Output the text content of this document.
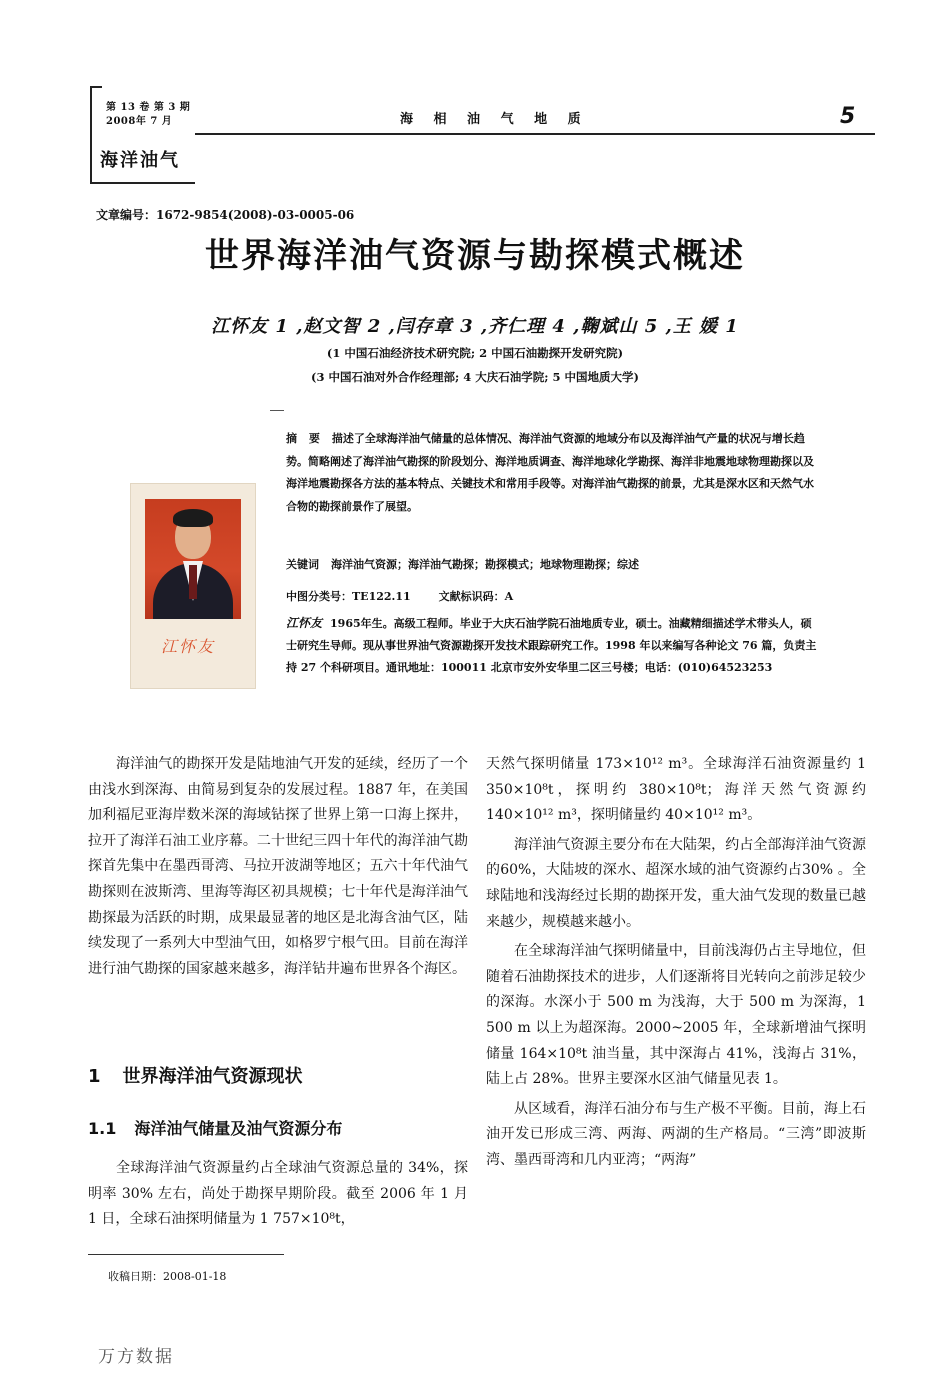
第 13 卷 第 3 期
2008年 7 月
海洋油气
海 相 油 气 地 质	5
文章编号：1672-9854(2008)-03-0005-06
世界海洋油气资源与勘探模式概述
江怀友 1 ,赵文智 2 ,闫存章 3 ,齐仁理 4 ,鞠斌山 5 ,王 媛 1
(1 中国石油经济技术研究院; 2 中国石油勘探开发研究院)
(3 中国石油对外合作经理部; 4 大庆石油学院; 5 中国地质大学)
江怀友
摘 要 描述了全球海洋油气储量的总体情况、海洋油气资源的地域分布以及海洋油气产量的状况与增长趋势。简略阐述了海洋油气勘探的阶段划分、海洋地质调查、海洋地球化学勘探、海洋非地震地球物理勘探以及海洋地震勘探各方法的基本特点、关键技术和常用手段等。对海洋油气勘探的前景，尤其是深水区和天然气水合物的勘探前景作了展望。
关键词 海洋油气资源；海洋油气勘探；勘探模式；地球物理勘探；综述
中图分类号：TE122.11	文献标识码：A
江怀友 1965年生。高级工程师。毕业于大庆石油学院石油地质专业，硕士。油藏精细描述学术带头人，硕士研究生导师。现从事世界油气资源勘探开发技术跟踪研究工作。1998 年以来编写各种论文 76 篇，负责主持 27 个科研项目。通讯地址：100011 北京市安外安华里二区三号楼；电话：(010)64523253

海洋油气的勘探开发是陆地油气开发的延续，经历了一个由浅水到深海、由简易到复杂的发展过程。1887 年，在美国加利福尼亚海岸数米深的海域钻探了世界上第一口海上探井，拉开了海洋石油工业序幕。二十世纪三四十年代的海洋油气勘探首先集中在墨西哥湾、马拉开波湖等地区；五六十年代油气勘探则在波斯湾、里海等海区初具规模；七十年代是海洋油气勘探最为活跃的时期，成果最显著的地区是北海含油气区，陆续发现了一系列大中型油气田，如格罗宁根气田。目前在海洋进行油气勘探的国家越来越多，海洋钻井遍布世界各个海区。

1 世界海洋油气资源现状
1.1 海洋油气储量及油气资源分布

全球海洋油气资源量约占全球油气资源总量的 34%，探明率 30% 左右，尚处于勘探早期阶段。截至 2006 年 1 月 1 日，全球石油探明储量为 1 757×10⁸t，

天然气探明储量 173×10¹² m³。全球海洋石油资源量约 1 350×10⁸t，探明约 380×10⁸t；海洋天然气资源约 140×10¹² m³，探明储量约 40×10¹² m³。

海洋油气资源主要分布在大陆架，约占全部海洋油气资源的60%，大陆坡的深水、超深水域的油气资源约占30% 。全球陆地和浅海经过长期的勘探开发，重大油气发现的数量已越来越少，规模越来越小。

在全球海洋油气探明储量中，目前浅海仍占主导地位，但随着石油勘探技术的进步，人们逐渐将目光转向之前涉足较少的深海。水深小于 500 m 为浅海，大于 500 m 为深海，1 500 m 以上为超深海。2000~2005 年，全球新增油气探明储量 164×10⁸t 油当量，其中深海占 41%，浅海占 31%，陆上占 28%。世界主要深水区油气储量见表 1。

从区域看，海洋石油分布与生产极不平衡。目前，海上石油开发已形成三湾、两海、两湖的生产格局。“三湾”即波斯湾、墨西哥湾和几内亚湾；“两海”

收稿日期：2008-01-18
万方数据
